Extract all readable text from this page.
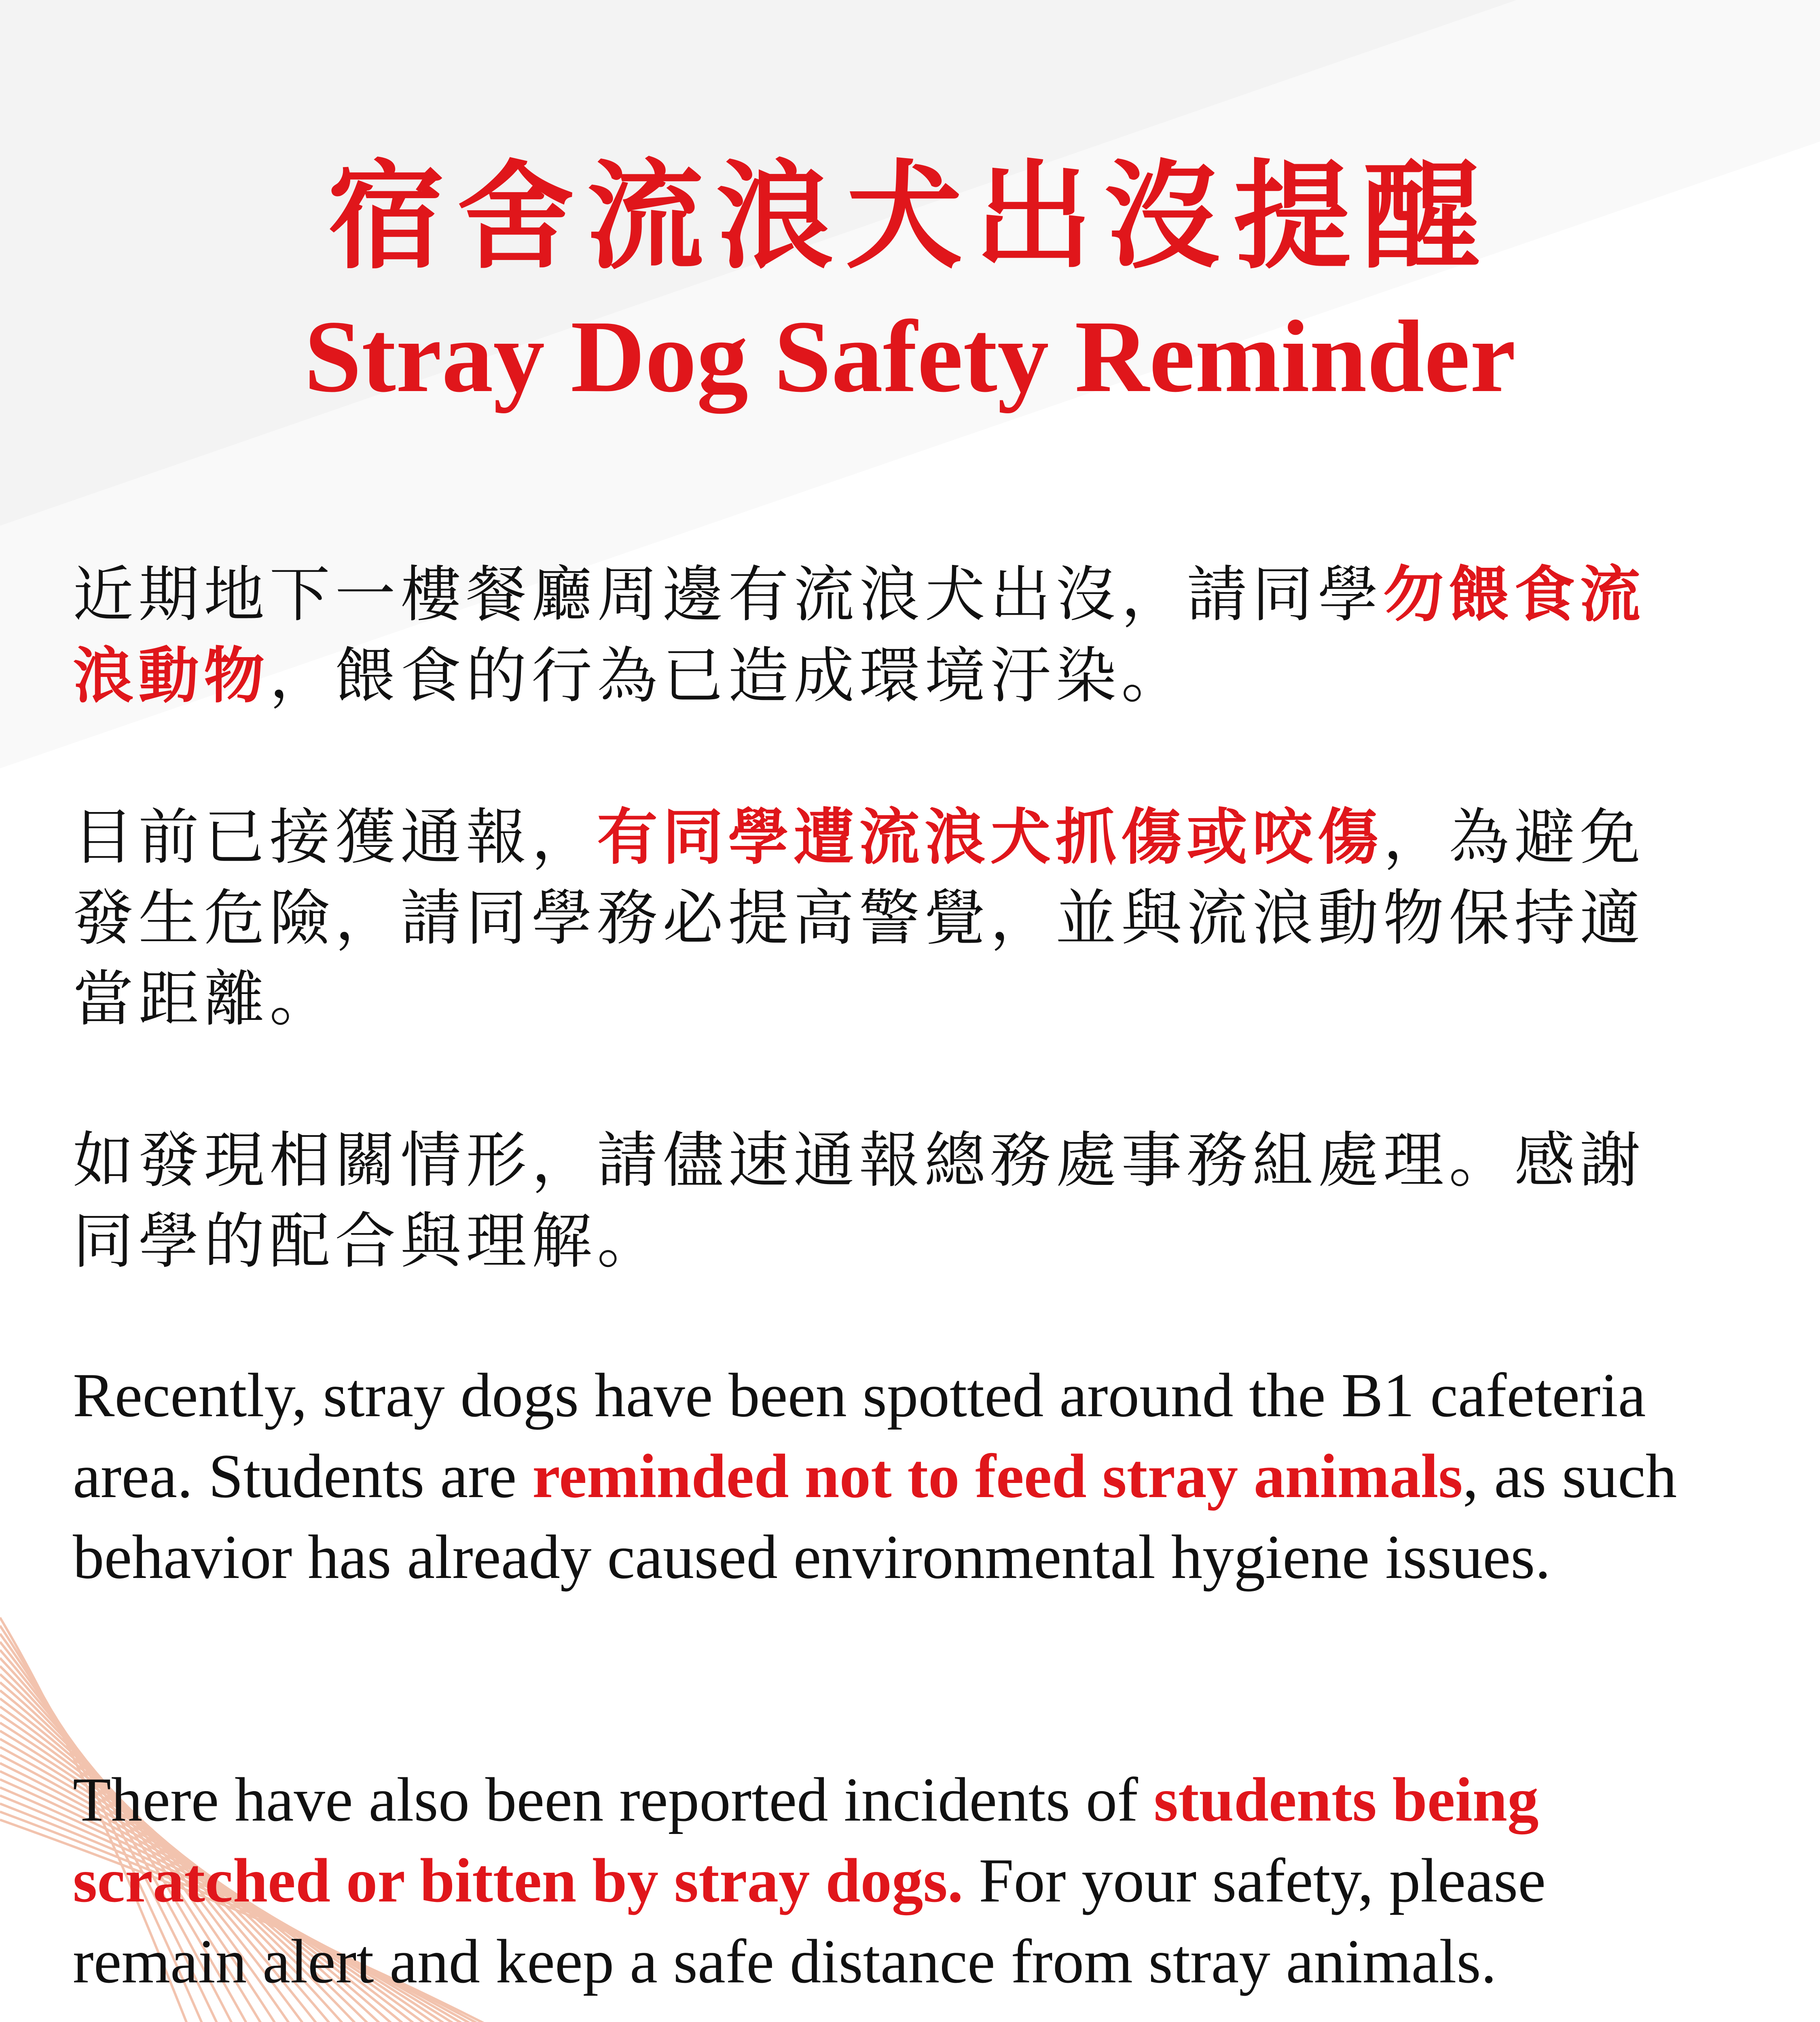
宿舍流浪犬出沒提醒
Stray Dog Safety Reminder
近期地下一樓餐廳周邊有流浪犬出沒，請同學勿餵食流浪動物，餵食的行為已造成環境汙染。
目前已接獲通報，有同學遭流浪犬抓傷或咬傷，為避免發生危險，請同學務必提高警覺，並與流浪動物保持適當距離。
如發現相關情形，請儘速通報總務處事務組處理。感謝同學的配合與理解。
Recently, stray dogs have been spotted around the B1 cafeteria area. Students are reminded not to feed stray animals, as such behavior has already caused environmental hygiene issues.
There have also been reported incidents of students being scratched or bitten by stray dogs. For your safety, please remain alert and keep a safe distance from stray animals.
